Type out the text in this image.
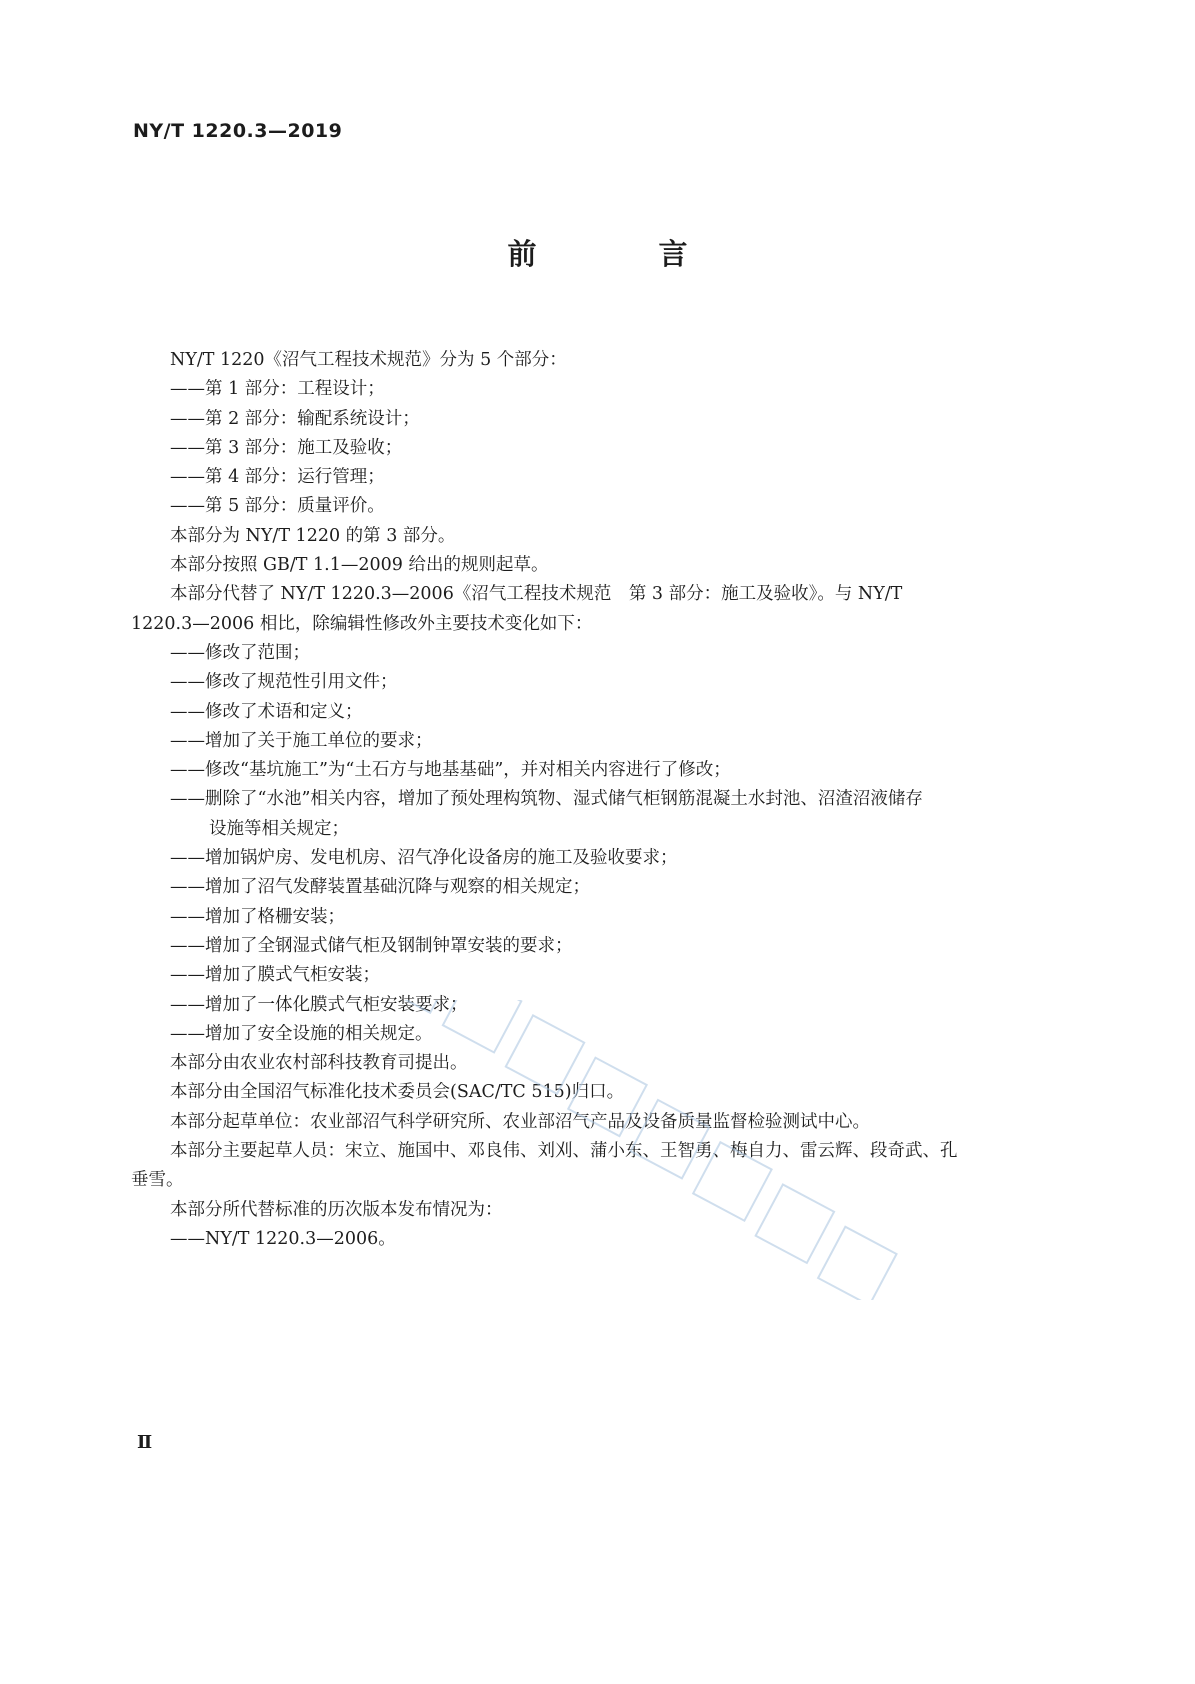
NY/T 1220.3—2019
前 言

NY/T 1220《沼气工程技术规范》分为 5 个部分：

——第 1 部分：工程设计；

——第 2 部分：输配系统设计；

——第 3 部分：施工及验收；

——第 4 部分：运行管理；

——第 5 部分：质量评价。

本部分为 NY/T 1220 的第 3 部分。

本部分按照 GB/T 1.1—2009 给出的规则起草。

本部分代替了 NY/T 1220.3—2006《沼气工程技术规范　第 3 部分：施工及验收》。与 NY/T

1220.3—2006 相比，除编辑性修改外主要技术变化如下：

——修改了范围；

——修改了规范性引用文件；

——修改了术语和定义；

——增加了关于施工单位的要求；

——修改“基坑施工”为“土石方与地基基础”，并对相关内容进行了修改；

——删除了“水池”相关内容，增加了预处理构筑物、湿式储气柜钢筋混凝土水封池、沼渣沼液储存

设施等相关规定；

——增加锅炉房、发电机房、沼气净化设备房的施工及验收要求；

——增加了沼气发酵装置基础沉降与观察的相关规定；

——增加了格栅安装；

——增加了全钢湿式储气柜及钢制钟罩安装的要求；

——增加了膜式气柜安装；

——增加了一体化膜式气柜安装要求；

——增加了安全设施的相关规定。

本部分由农业农村部科技教育司提出。

本部分由全国沼气标准化技术委员会(SAC/TC 515)归口。

本部分起草单位：农业部沼气科学研究所、农业部沼气产品及设备质量监督检验测试中心。

本部分主要起草人员：宋立、施国中、邓良伟、刘刈、蒲小东、王智勇、梅自力、雷云辉、段奇武、孔

垂雪。

本部分所代替标准的历次版本发布情况为：

——NY/T 1220.3—2006。

Ⅱ
